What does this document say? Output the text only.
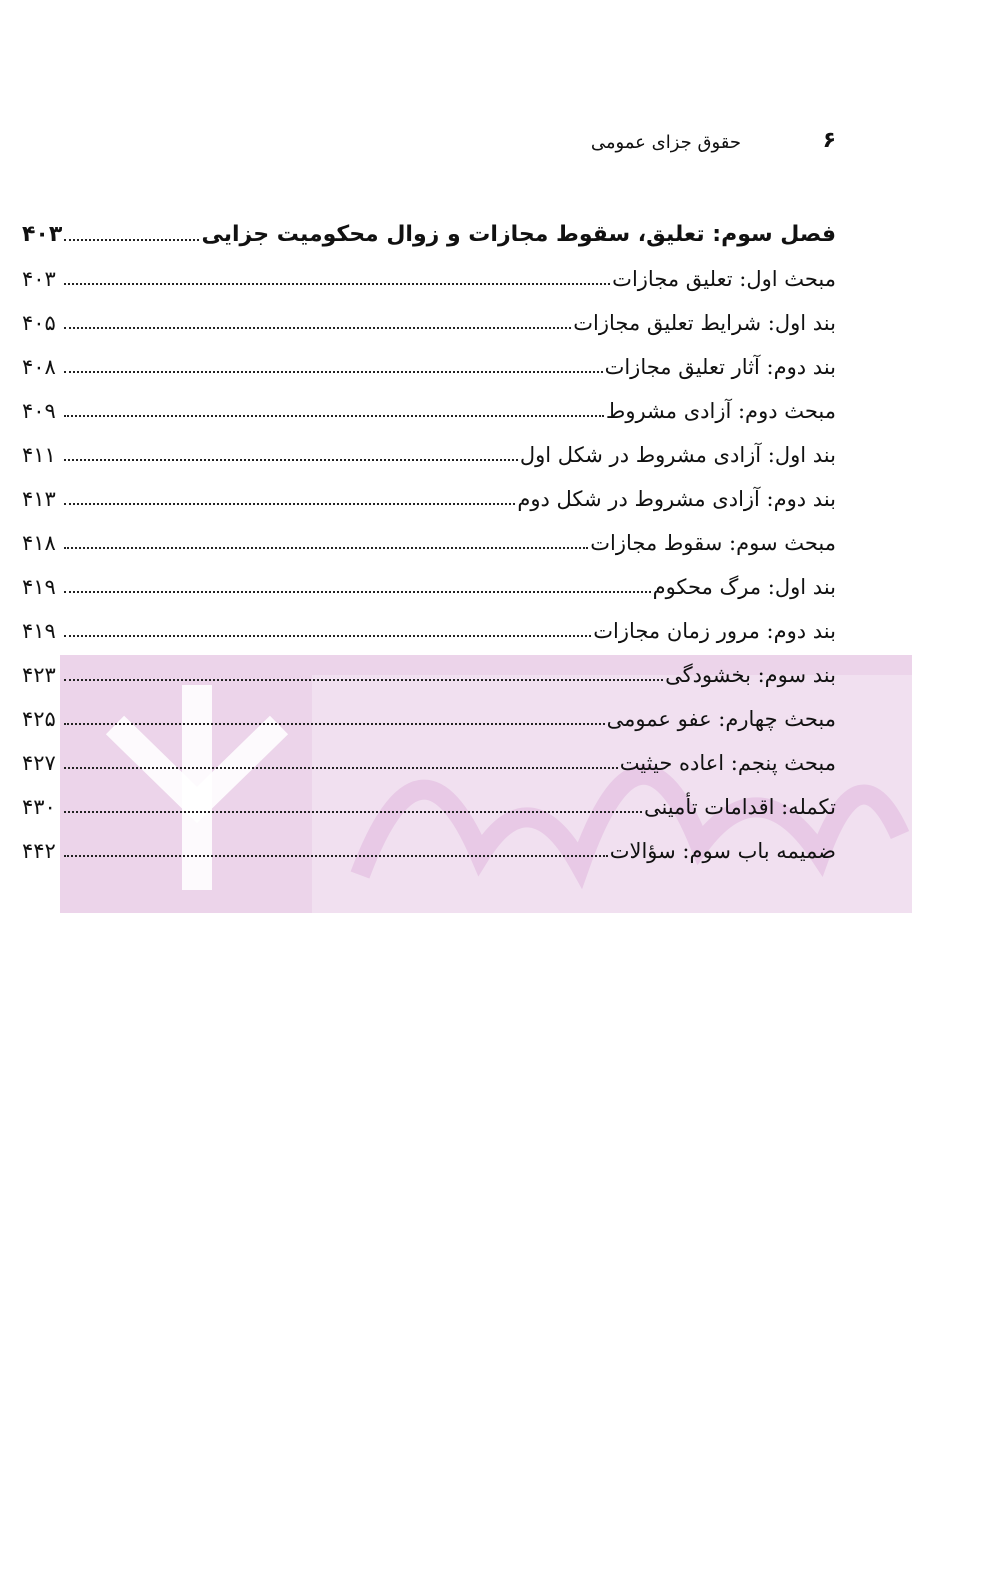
۶
حقوق جزای عمومی
فصل سوم: تعلیق، سقوط مجازات و زوال محکومیت جزایی
۴۰۳
مبحث اول: تعلیق مجازات
۴۰۳
بند اول: شرایط تعلیق مجازات
۴۰۵
بند دوم: آثار تعلیق مجازات
۴۰۸
مبحث دوم: آزادی مشروط
۴۰۹
بند اول: آزادی مشروط در شکل اول
۴۱۱
بند دوم: آزادی مشروط در شکل دوم
۴۱۳
مبحث سوم: سقوط مجازات
۴۱۸
بند اول: مرگ محکوم
۴۱۹
بند دوم: مرور زمان مجازات
۴۱۹
بند سوم: بخشودگی
۴۲۳
مبحث چهارم: عفو عمومی
۴۲۵
مبحث پنجم: اعاده حیثیت
۴۲۷
تکمله: اقدامات تأمینی
۴۳۰
ضمیمه باب سوم: سؤالات
۴۴۲
